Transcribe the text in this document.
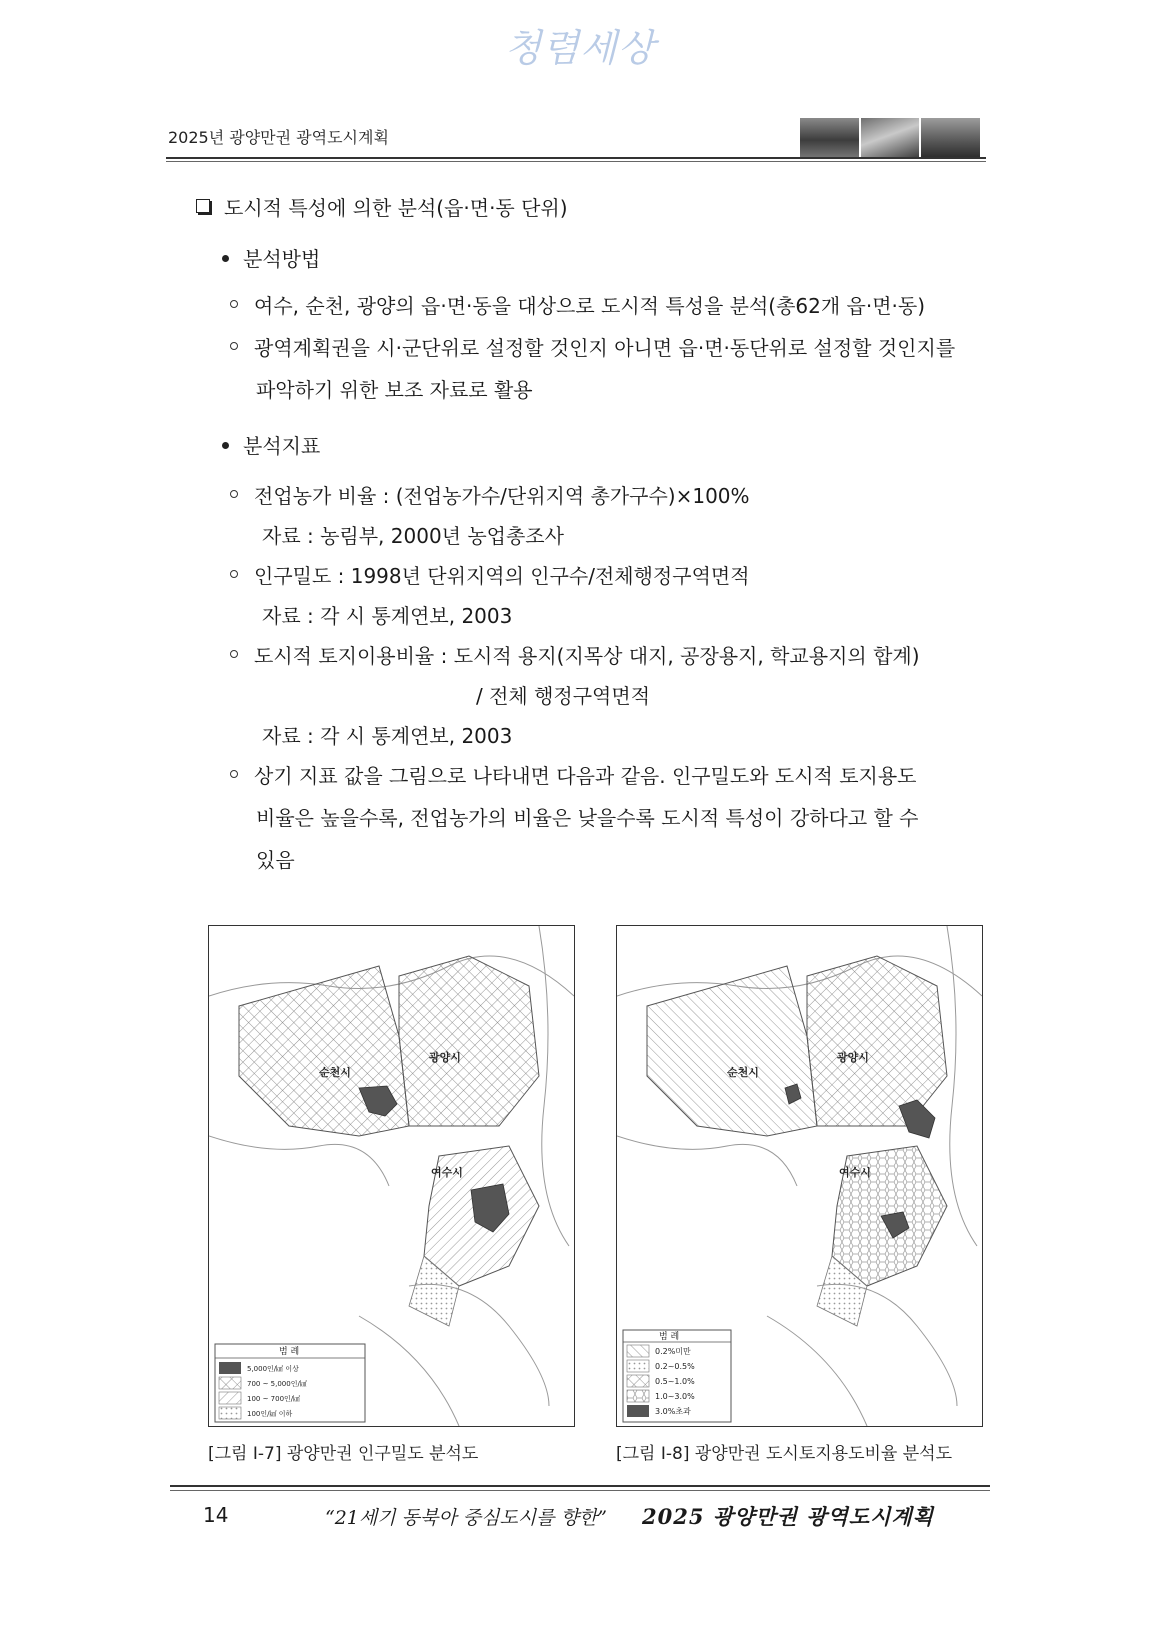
청렴세상
2025년 광양만권 광역도시계획
도시적 특성에 의한 분석(읍·면·동 단위)
분석방법
여수, 순천, 광양의 읍·면·동을 대상으로 도시적 특성을 분석(총62개 읍·면·동)
광역계획권을 시·군단위로 설정할 것인지 아니면 읍·면·동단위로 설정할 것인지를
파악하기 위한 보조 자료로 활용
분석지표
전업농가 비율 : (전업농가수/단위지역 총가구수)×100%
자료 : 농림부, 2000년 농업총조사
인구밀도 : 1998년 단위지역의 인구수/전체행정구역면적
자료 : 각 시 통계연보, 2003
도시적 토지이용비율 : 도시적 용지(지목상 대지, 공장용지, 학교용지의 합계)
/ 전체 행정구역면적
자료 : 각 시 통계연보, 2003
상기 지표 값을 그림으로 나타내면 다음과 같음. 인구밀도와 도시적 토지용도
비율은 높을수록, 전업농가의 비율은 낮을수록 도시적 특성이 강하다고 할 수
있음
순천시
광양시
여수시
범 례
5,000인/㎢ 이상
700 ~ 5,000인/㎢
100 ~ 700인/㎢
100인/㎢ 이하
[그림 Ⅰ-7] 광양만권 인구밀도 분석도
순천시
광양시
여수시
범 례
0.2%미만
0.2~0.5%
0.5~1.0%
1.0~3.0%
3.0%초과
[그림 Ⅰ-8] 광양만권 도시토지용도비율 분석도
14	“21세기 동북아 중심도시를 향한” 2025 광양만권 광역도시계획
